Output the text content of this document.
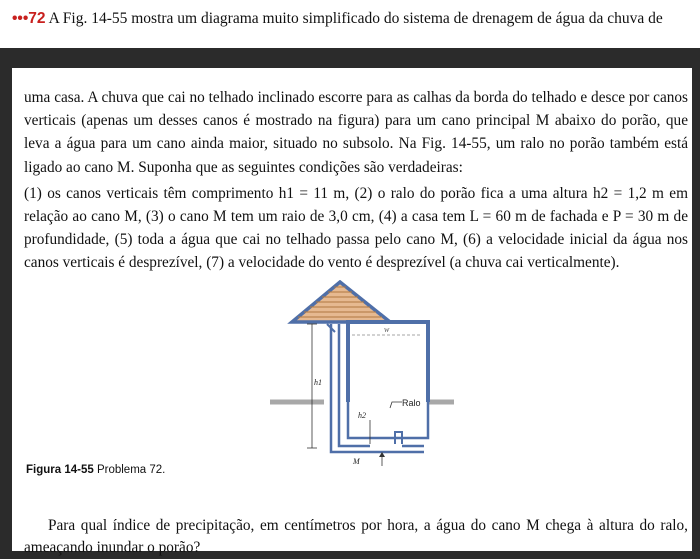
•••72 A Fig. 14-55 mostra um diagrama muito simplificado do sistema de drenagem de água da chuva de

uma casa. A chuva que cai no telhado inclinado escorre para as calhas da borda do telhado e desce por canos verticais (apenas um desses canos é mostrado na figura) para um cano principal M abaixo do porão, que leva a água para um cano ainda maior, situado no subsolo. Na Fig. 14-55, um ralo no porão também está ligado ao cano M. Suponha que as seguintes condições são verdadeiras:

(1) os canos verticais têm comprimento h1 = 11 m, (2) o ralo do porão fica a uma altura h2 = 1,2 m em relação ao cano M, (3) o cano M tem um raio de 3,0 cm, (4) a casa tem L = 60 m de fachada e P = 30 m de profundidade, (5) toda a água que cai no telhado passa pelo cano M, (6) a velocidade inicial da água nos canos verticais é desprezível, (7) a velocidade do vento é desprezível (a chuva cai verticalmente).

w
Ralo
h1
h2
M
Figura 14-55 Problema 72.

Para qual índice de precipitação, em centímetros por hora, a água do cano M chega à altura do ralo, ameaçando inundar o porão?
